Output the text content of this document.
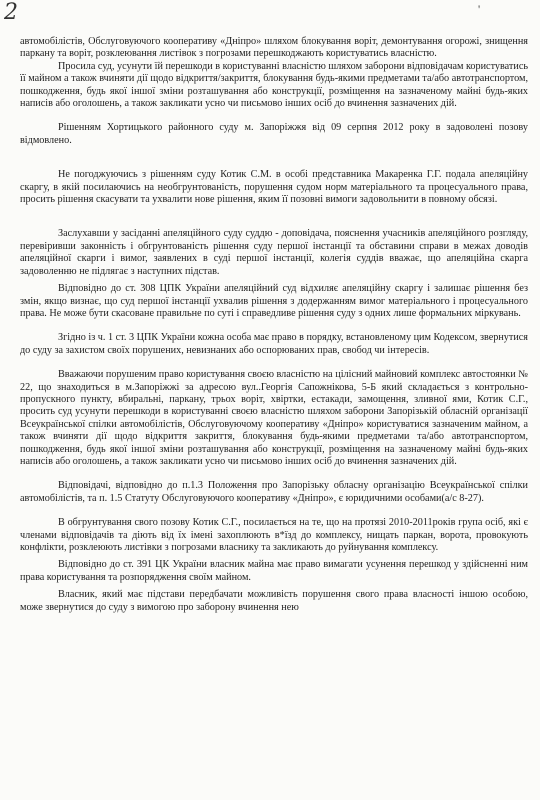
2	'

автомобілістів, Обслуговуючого кооперативу «Дніпро» шляхом блокування воріт, демонтування огорожі, знищення паркану та воріт, розклеювання листівок з погрозами перешкоджають користуватись власністю.

Просила суд, усунути їй перешкоди в користуванні власністю шляхом заборони відповідачам користуватись її майном а також вчиняти дії щодо відкриття/закриття, блокування будь-якими предметами та/або автотранспортом, пошкодження, будь якої іншої зміни розташування або конструкції, розміщення на зазначеному майні будь-яких написів або оголошень, а також закликати усно чи письмово інших осіб до вчинення зазначених дій.

Рішенням Хортицького районного суду м. Запоріжжя від 09 серпня 2012 року в задоволені позову відмовлено.

Не погоджуючись з рішенням суду Котик С.М. в особі представника Макаренка Г.Г. подала апеляційну скаргу, в якій посилаючись на необгрунтованість, порушення судом норм матеріального та процесуального права, просить рішення скасувати та ухвалити нове рішення, яким її позовні вимоги задовольнити в повному обсязі.

Заслухавши у засіданні апеляційного суду суддю - доповідача, пояснення учасників апеляційного розгляду, перевіривши законність і обгрунтованість рішення суду першої інстанції та обставини справи в межах доводів апеляційної скарги і вимог, заявлених в суді першої інстанції, колегія суддів вважає, що апеляційна скарга задоволенню не підлягає з наступних підстав.

Відповідно до ст. 308 ЦПК України апеляційний суд відхиляє апеляційну скаргу і залишає рішення без змін, якщо визнає, що суд першої інстанції ухвалив рішення з додержанням вимог матеріального і процесуального права. Не може бути скасоване правильне по суті і справедливе рішення суду з одних лише формальних міркувань.

Згідно із ч. 1 ст. 3 ЦПК України кожна особа має право в порядку, встановленому цим Кодексом, звернутися до суду за захистом своїх порушених, невизнаних або оспорюваних прав, свобод чи інтересів.

Вважаючи порушеним право користування своєю власністю на цілісний майновий комплекс автостоянки № 22, що знаходиться в м.Запоріжжі за адресою вул..Георгія Сапожнікова, 5-Б який складається з контрольно-пропускного пункту, вбиральні, паркану, трьох воріт, хвіртки, естакади, замощення, зливної ями, Котик С.Г., просить суд усунути перешкоди в користуванні своєю власністю шляхом заборони Запорізькій обласній організації Всеукраїнської спілки автомобілістів, Обслуговуючому кооперативу «Дніпро» користуватися зазначеним майном, а також вчиняти дії щодо відкриття закриття, блокування будь-якими предметами та/або автотранспортом, пошкодження, будь якої іншої зміни розташування або конструкції, розміщення на зазначеному майні будь-яких написів або оголошень, а також закликати усно чи письмово інших осіб до вчинення зазначених дій.

Відповідачі, відповідно до п.1.3 Положення про Запорізьку обласну організацію Всеукраїнської спілки автомобілістів, та п. 1.5 Статуту Обслуговуючого кооперативу «Дніпро», є юридичними особами(а/с 8-27).

В обгрунтування свого позову Котик С.Г., посилається на те, що на протязі 2010-2011років група осіб, які є членами відповідачів та діють від їх імені захоплюють в*їзд до комплексу, нищать паркан, ворота, провокують конфлікти, розклеюють листівки з погрозами власнику та закликають до руйнування комплексу.

Відповідно до ст. 391 ЦК України власник майна має право вимагати усунення перешкод у здійсненні ним права користування та розпорядження своїм майном.

Власник, який має підстави передбачати можливість порушення свого права власності іншою особою, може звернутися до суду з вимогою про заборону вчинення нею
